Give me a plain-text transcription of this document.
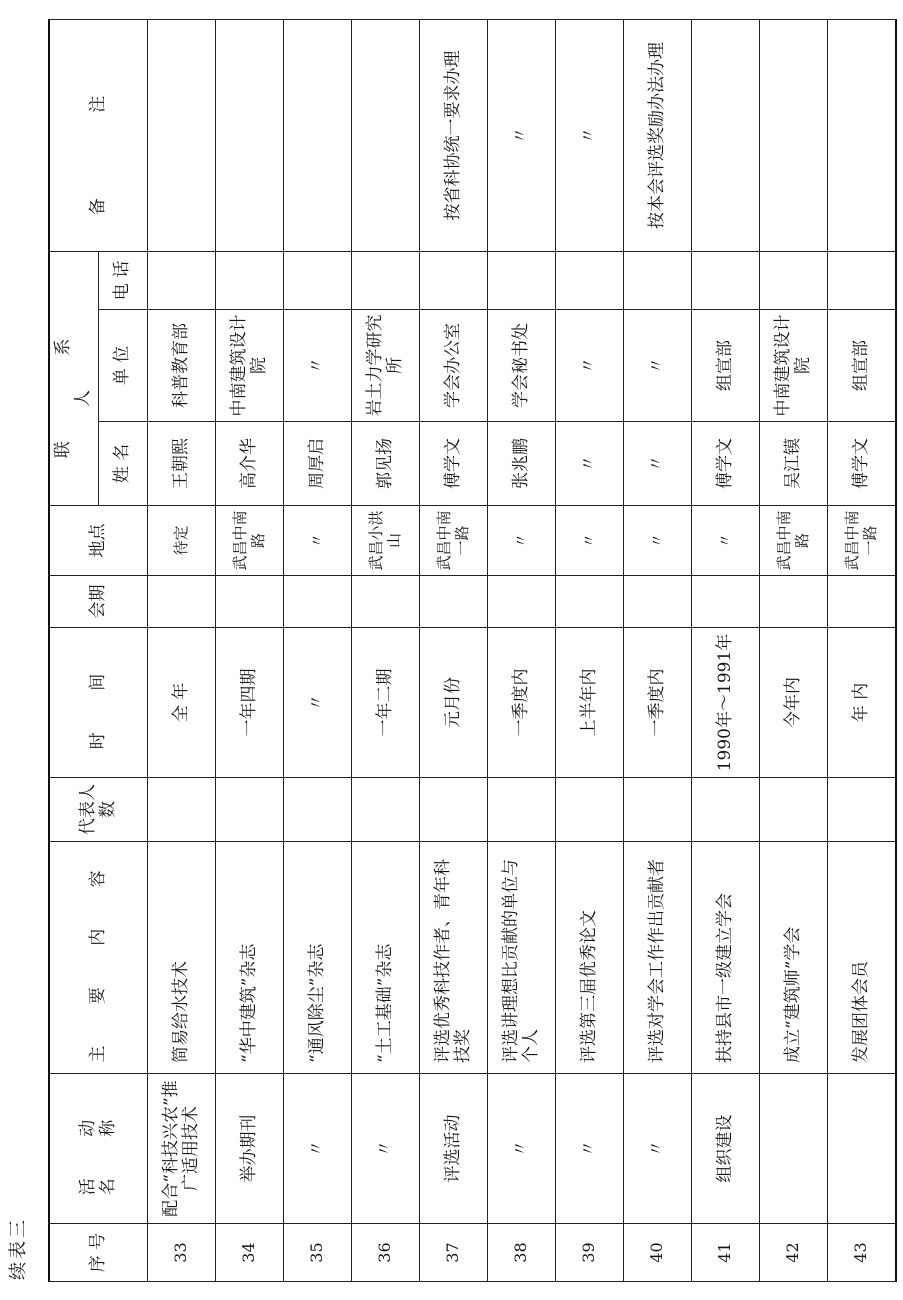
续表三	序 号	活 动 名 称	主 要 内 容	代表人数	时 间	会期	地点	联 系 人			备 注
							姓 名	单 位	电 话	
33	配合“科技兴农”推广适用技术	简易给水技术		全 年		待定	王朝熙	科普教育部		
34	举办期刊	“华中建筑”杂志		一年四期		武昌中南路	高介华	中南建筑设计院		
35	〃	“通风除尘”杂志		〃		〃	周厚启	〃		
36	〃	“土工基础”杂志		一年二期		武昌小洪山	郭见扬	岩土力学研究所		
37	评选活动	评选优秀科技作者、青年科技奖		元月份		武昌中南一路	傅学文	学会办公室		按省科协统一要求办理
38	〃	评选讲理想比贡献的单位与个人		一季度内		〃	张兆鹏	学会秘书处		〃
39	〃	评选第三届优秀论文		上半年内		〃	〃	〃		〃
40	〃	评选对学会工作作出贡献者		一季度内		〃	〃	〃		按本会评选奖励办法办理
41	组织建设	扶持县市一级建立学会		1990年～1991年		〃	傅学文	组宣部		
42		成立“建筑师”学会		今年内		武昌中南路	吴江镆	中南建筑设计院		
43		发展团体会员		年 内		武昌中南一路	傅学文	组宣部		
